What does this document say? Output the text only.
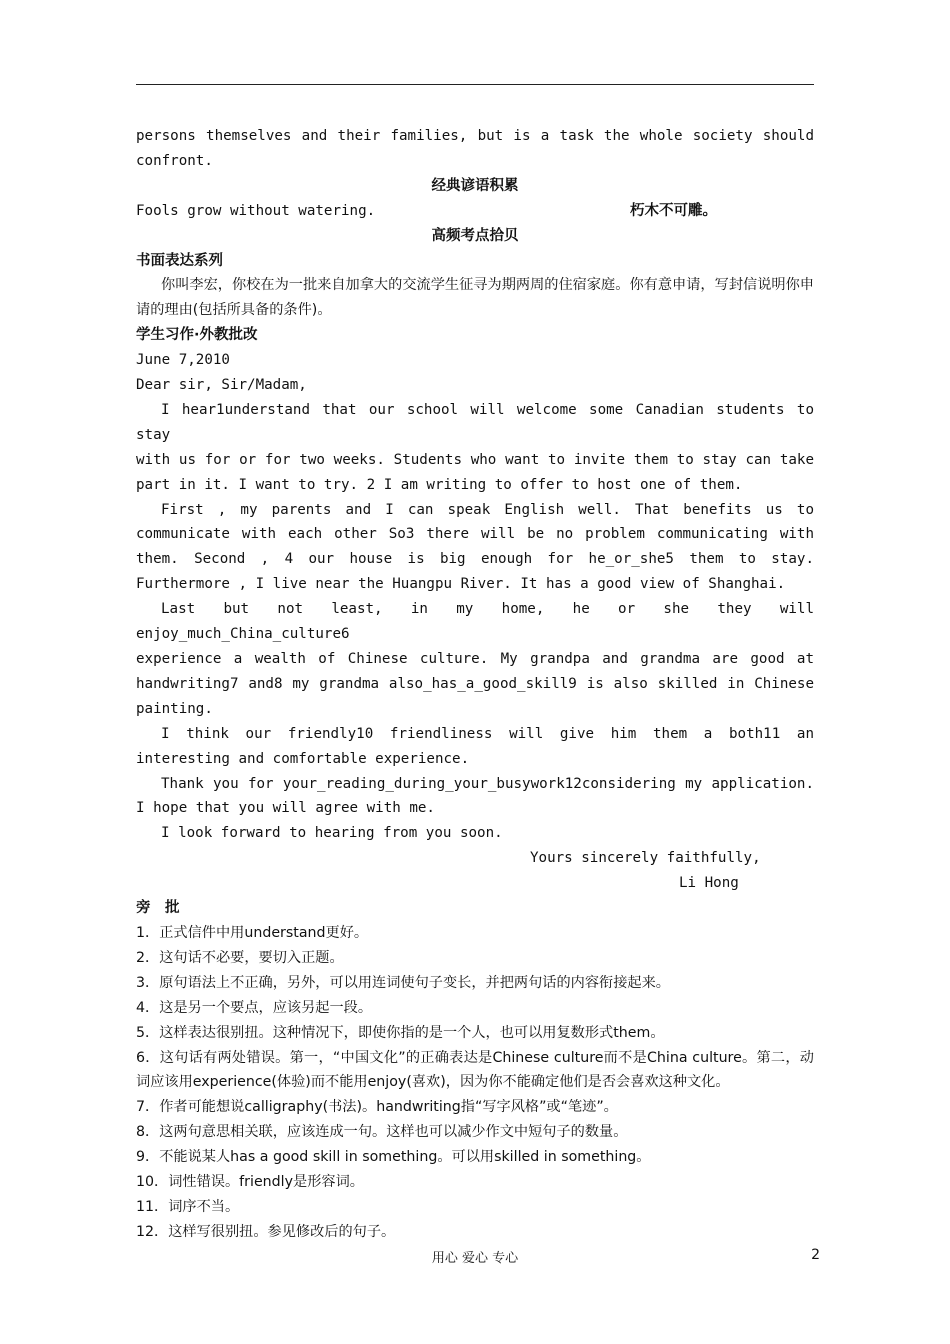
persons themselves and their families, but is a task the whole society should confront.

经典谚语积累

Fools grow without watering.	朽木不可雕。

高频考点拾贝

书面表达系列

你叫李宏，你校在为一批来自加拿大的交流学生征寻为期两周的住宿家庭。你有意申请，写封信说明你申请的理由(包括所具备的条件)。

学生习作·外教批改

June 7,2010

Dear sir, Sir/Madam,

I hear1understand that our school will welcome some Canadian students to stay

with us for or for two weeks. Students who want to invite them to stay can take part in it. I want to try. 2 I am writing to offer to host one of them.

First , my parents and I can speak English well. That benefits us to

communicate with each other So3 there will be no problem communicating with them. Second , 4 our house is big enough for he_or_she5 them to stay. Furthermore , I live near the Huangpu River. It has a good view of Shanghai.

Last but not least, in my home, he or she they will enjoy_much_China_culture6

experience a wealth of Chinese culture. My grandpa and grandma are good at handwriting7 and8 my grandma also_has_a_good_skill9 is also skilled in Chinese painting.

I think our friendly10 friendliness will give him them a both11 an

interesting and comfortable experience.

Thank you for your_reading_during_your_busywork12considering my application.

I hope that you will agree with me.

I look forward to hearing from you soon.

Yours sincerely faithfully,

Li Hong

旁　批

1．正式信件中用understand更好。

2．这句话不必要，要切入正题。

3．原句语法上不正确，另外，可以用连词使句子变长，并把两句话的内容衔接起来。

4．这是另一个要点，应该另起一段。

5．这样表达很别扭。这种情况下，即使你指的是一个人，也可以用复数形式them。

6．这句话有两处错误。第一，“中国文化”的正确表达是Chinese culture而不是China culture。第二，动词应该用experience(体验)而不能用enjoy(喜欢)，因为你不能确定他们是否会喜欢这种文化。

7．作者可能想说calligraphy(书法)。handwriting指“写字风格”或“笔迹”。

8．这两句意思相关联，应该连成一句。这样也可以减少作文中短句子的数量。

9．不能说某人has a good skill in something。可以用skilled in something。

10．词性错误。friendly是形容词。

11．词序不当。

12．这样写很别扭。参见修改后的句子。

用心 爱心 专心	2
